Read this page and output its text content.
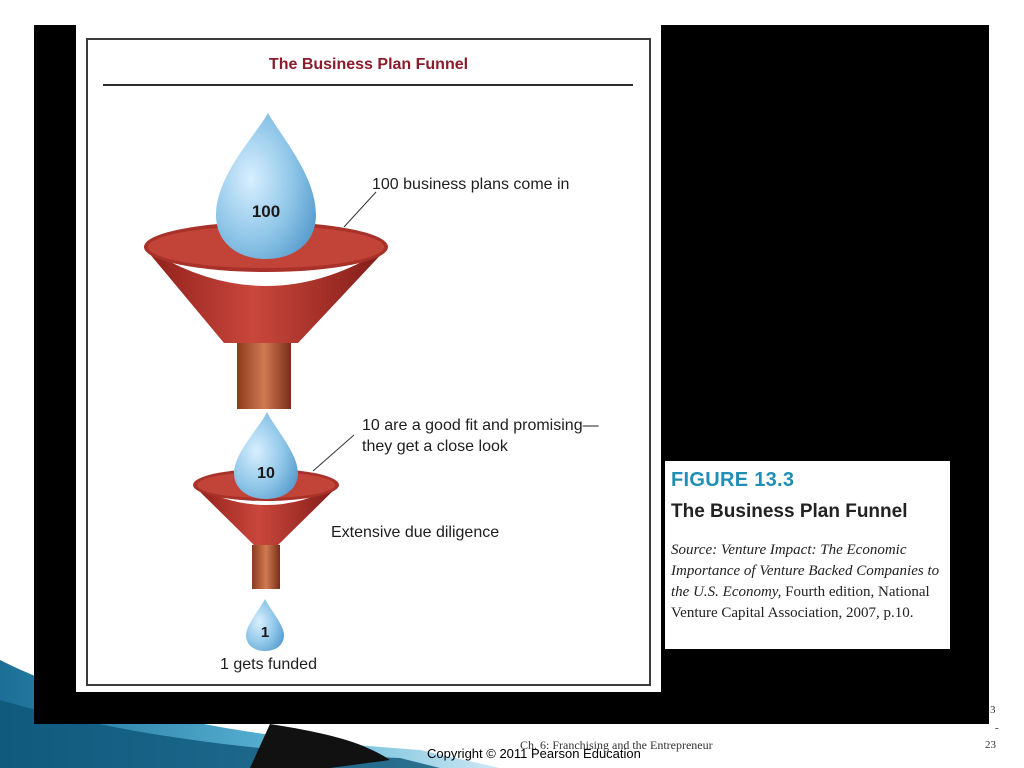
The Business Plan Funnel
100
10
1
100 business plans come in
10 are a good fit and promising—
they get a close look
Extensive due diligence
1 gets funded
FIGURE 13.3
The Business Plan Funnel
Source: Venture Impact: The Economic Importance of Venture Backed Companies to the U.S. Economy, Fourth edition, National Venture Capital Association, 2007, p.10.
3
-
23
Ch. 6: Franchising and the Entrepreneur
Copyright © 2011 Pearson Education
